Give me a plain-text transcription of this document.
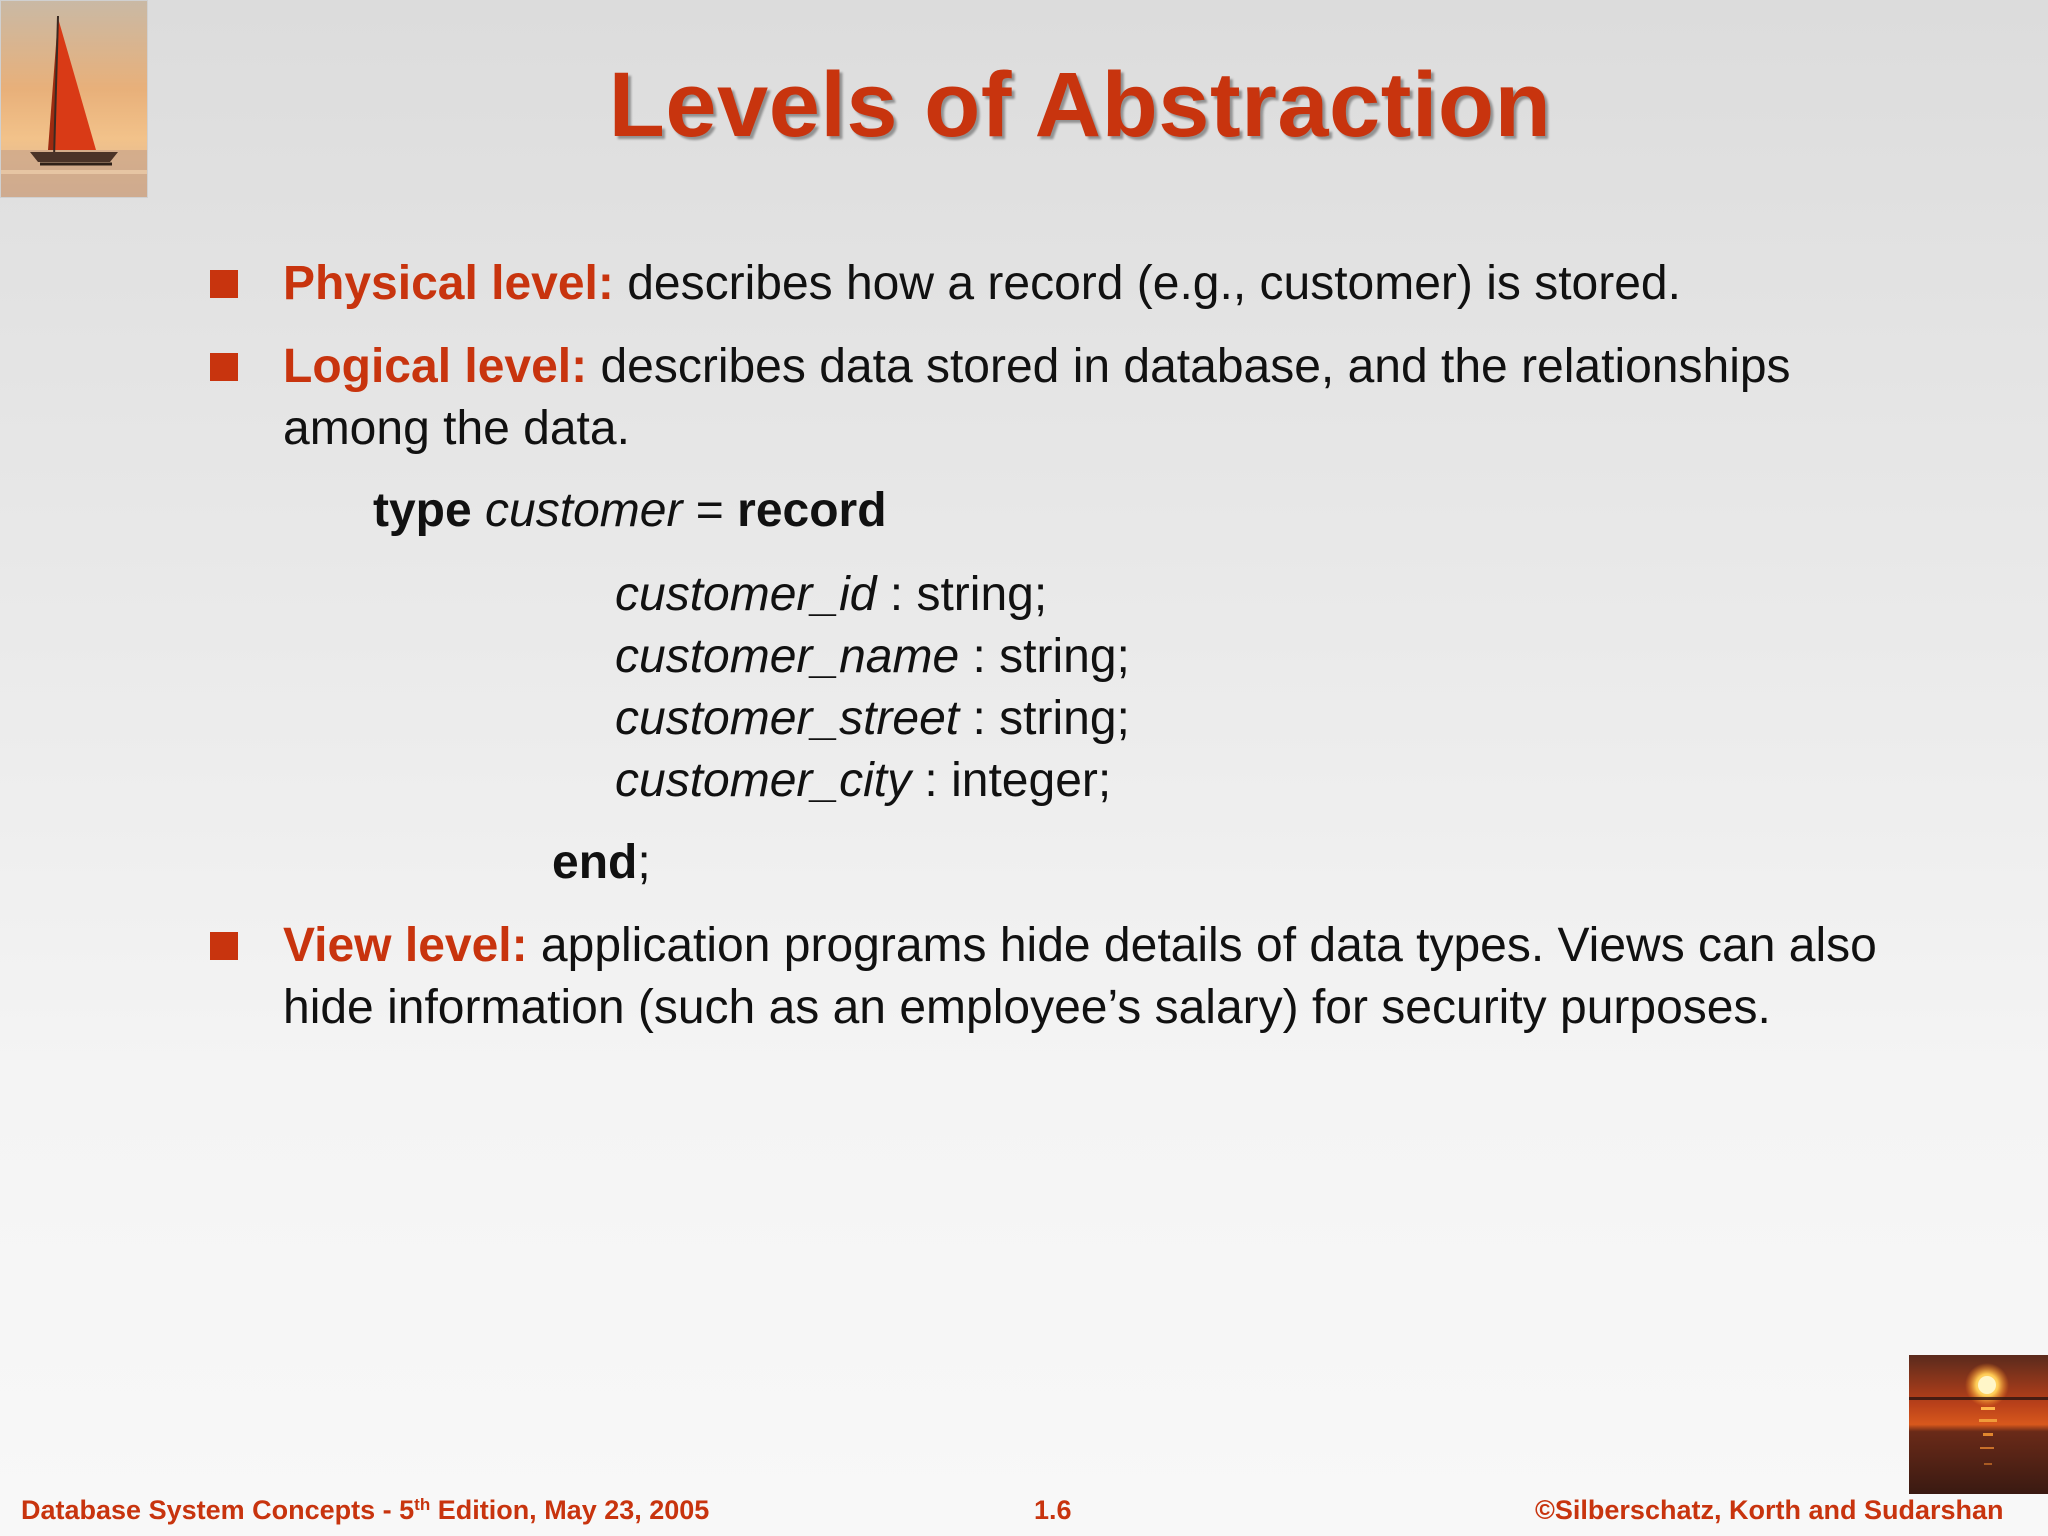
Levels of Abstraction
Physical level: describes how a record (e.g., customer) is stored.
Logical level: describes data stored in database, and the relationships among the data.
type customer = record
customer_id : string;
customer_name : string;
customer_street : string;
customer_city : integer;
end;
View level: application programs hide details of data types. Views can also hide information (such as an employee’s salary) for security purposes.
Database System Concepts - 5th Edition, May 23, 2005	1.6	©Silberschatz, Korth and Sudarshan
